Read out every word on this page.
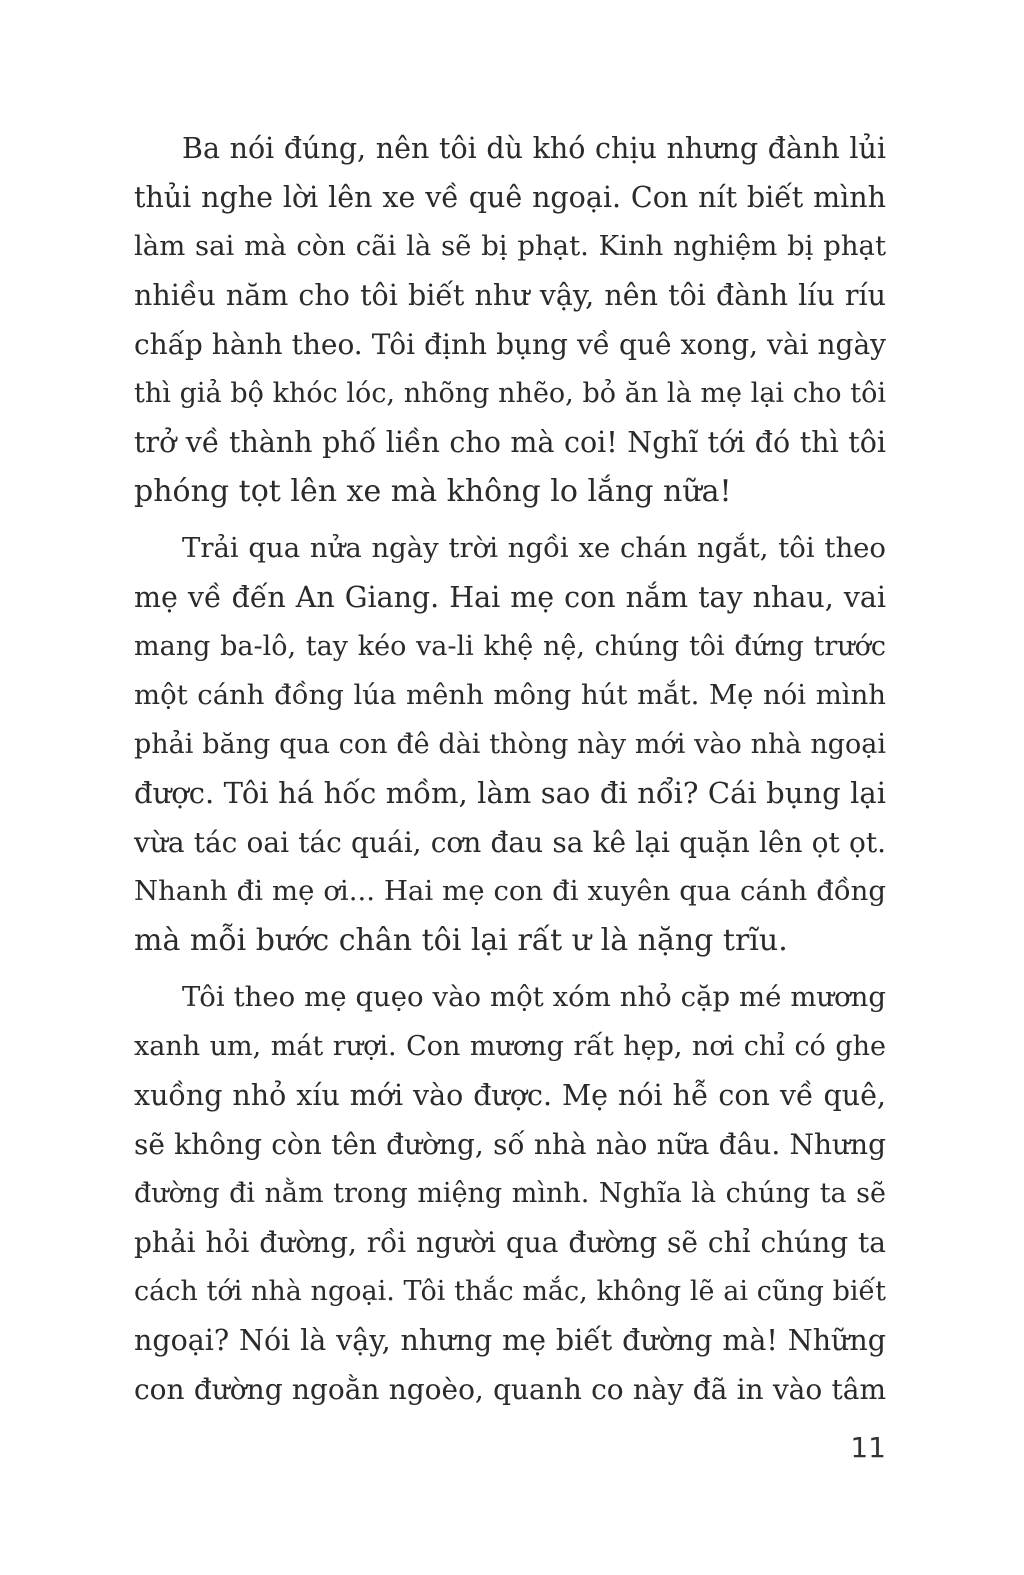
Ba nói đúng, nên tôi dù khó chịu nhưng đành lủi
thủi nghe lời lên xe về quê ngoại. Con nít biết mình
làm sai mà còn cãi là sẽ bị phạt. Kinh nghiệm bị phạt
nhiều năm cho tôi biết như vậy, nên tôi đành líu ríu
chấp hành theo. Tôi định bụng về quê xong, vài ngày
thì giả bộ khóc lóc, nhõng nhẽo, bỏ ăn là mẹ lại cho tôi
trở về thành phố liền cho mà coi! Nghĩ tới đó thì tôi
phóng tọt lên xe mà không lo lắng nữa!
Trải qua nửa ngày trời ngồi xe chán ngắt, tôi theo
mẹ về đến An Giang. Hai mẹ con nắm tay nhau, vai
mang ba-lô, tay kéo va-li khệ nệ, chúng tôi đứng trước
một cánh đồng lúa mênh mông hút mắt. Mẹ nói mình
phải băng qua con đê dài thòng này mới vào nhà ngoại
được. Tôi há hốc mồm, làm sao đi nổi? Cái bụng lại
vừa tác oai tác quái, cơn đau sa kê lại quặn lên ọt ọt.
Nhanh đi mẹ ơi... Hai mẹ con đi xuyên qua cánh đồng
mà mỗi bước chân tôi lại rất ư là nặng trĩu.
Tôi theo mẹ quẹo vào một xóm nhỏ cặp mé mương
xanh um, mát rượi. Con mương rất hẹp, nơi chỉ có ghe
xuồng nhỏ xíu mới vào được. Mẹ nói hễ con về quê,
sẽ không còn tên đường, số nhà nào nữa đâu. Nhưng
đường đi nằm trong miệng mình. Nghĩa là chúng ta sẽ
phải hỏi đường, rồi người qua đường sẽ chỉ chúng ta
cách tới nhà ngoại. Tôi thắc mắc, không lẽ ai cũng biết
ngoại? Nói là vậy, nhưng mẹ biết đường mà! Những
con đường ngoằn ngoèo, quanh co này đã in vào tâm
11
